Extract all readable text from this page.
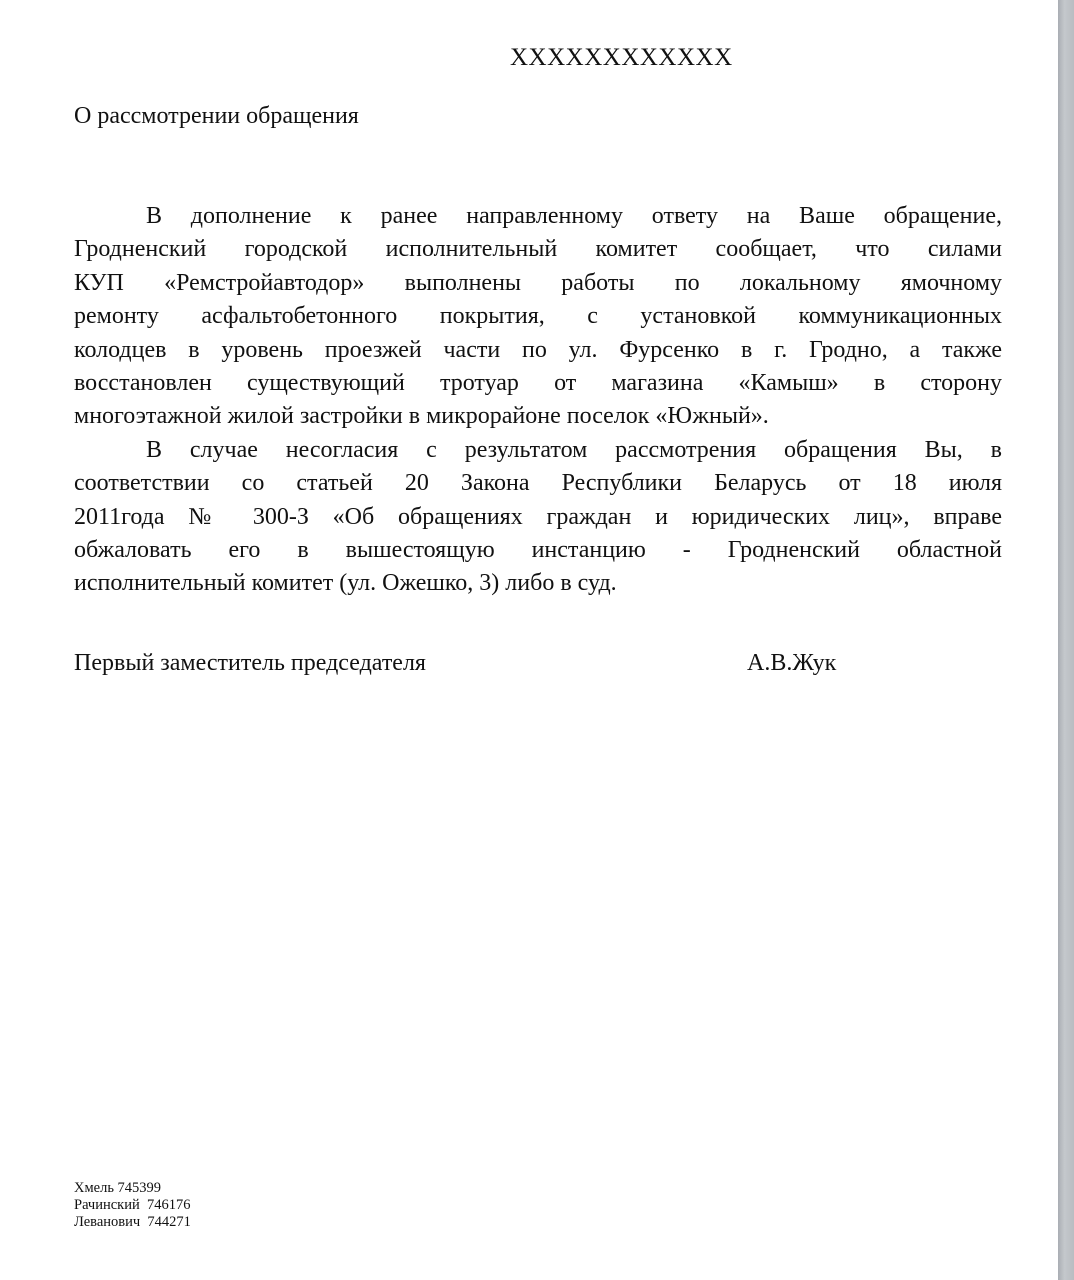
XXXXXXXXXXXX
О рассмотрении обращения
В дополнение к ранее направленному ответу на Ваше обращение,
Гродненский городской исполнительный комитет сообщает, что силами
КУП «Ремстройавтодор» выполнены работы по локальному ямочному
ремонту асфальтобетонного покрытия, с установкой коммуникационных
колодцев в уровень проезжей части по ул. Фурсенко в г. Гродно, а также
восстановлен существующий тротуар от магазина «Камыш» в сторону
многоэтажной жилой застройки в микрорайоне поселок «Южный».
В случае несогласия с результатом рассмотрения обращения Вы, в
соответствии со статьей 20 Закона Республики Беларусь от 18 июля
2011года № 300-З «Об обращениях граждан и юридических лиц», вправе
обжаловать его в вышестоящую инстанцию - Гродненский областной
исполнительный комитет (ул. Ожешко, 3) либо в суд.
Первый заместитель председателя	А.В.Жук
Хмель 745399
Рачинский  746176
Леванович  744271
